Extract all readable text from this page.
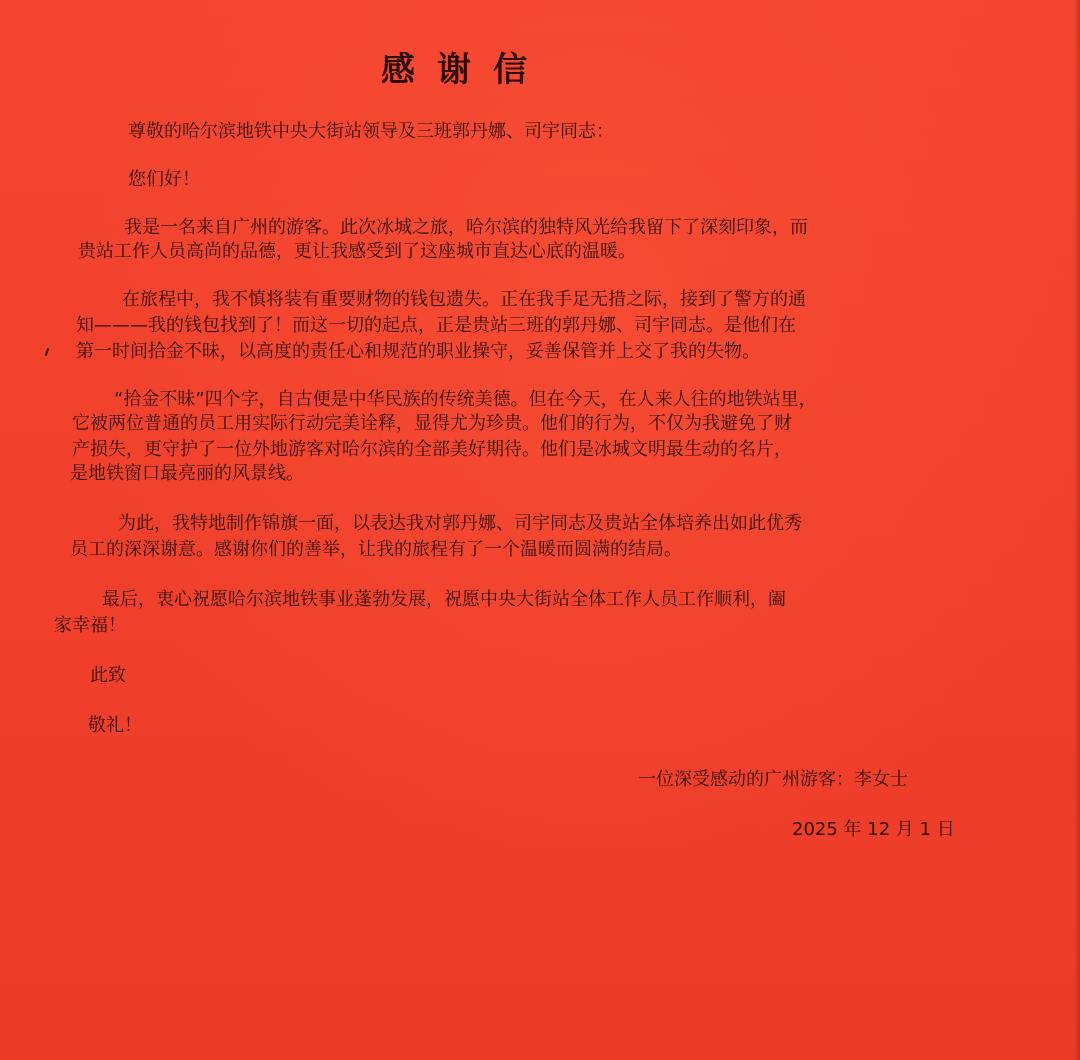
感谢信
尊敬的哈尔滨地铁中央大街站领导及三班郭丹娜、司宇同志：
您们好！
我是一名来自广州的游客。此次冰城之旅，哈尔滨的独特风光给我留下了深刻印象，而
贵站工作人员高尚的品德，更让我感受到了这座城市直达心底的温暖。
在旅程中，我不慎将装有重要财物的钱包遗失。正在我手足无措之际，接到了警方的通
知———我的钱包找到了！而这一切的起点，正是贵站三班的郭丹娜、司宇同志。是他们在
第一时间拾金不昧，以高度的责任心和规范的职业操守，妥善保管并上交了我的失物。
“拾金不昧”四个字，自古便是中华民族的传统美德。但在今天，在人来人往的地铁站里，
它被两位普通的员工用实际行动完美诠释，显得尤为珍贵。他们的行为，不仅为我避免了财
产损失，更守护了一位外地游客对哈尔滨的全部美好期待。他们是冰城文明最生动的名片，
是地铁窗口最亮丽的风景线。
为此，我特地制作锦旗一面，以表达我对郭丹娜、司宇同志及贵站全体培养出如此优秀
员工的深深谢意。感谢你们的善举，让我的旅程有了一个温暖而圆满的结局。
最后，衷心祝愿哈尔滨地铁事业蓬勃发展，祝愿中央大街站全体工作人员工作顺利，阖
家幸福！
此致
敬礼！
一位深受感动的广州游客：李女士
2025 年 12 月 1 日
